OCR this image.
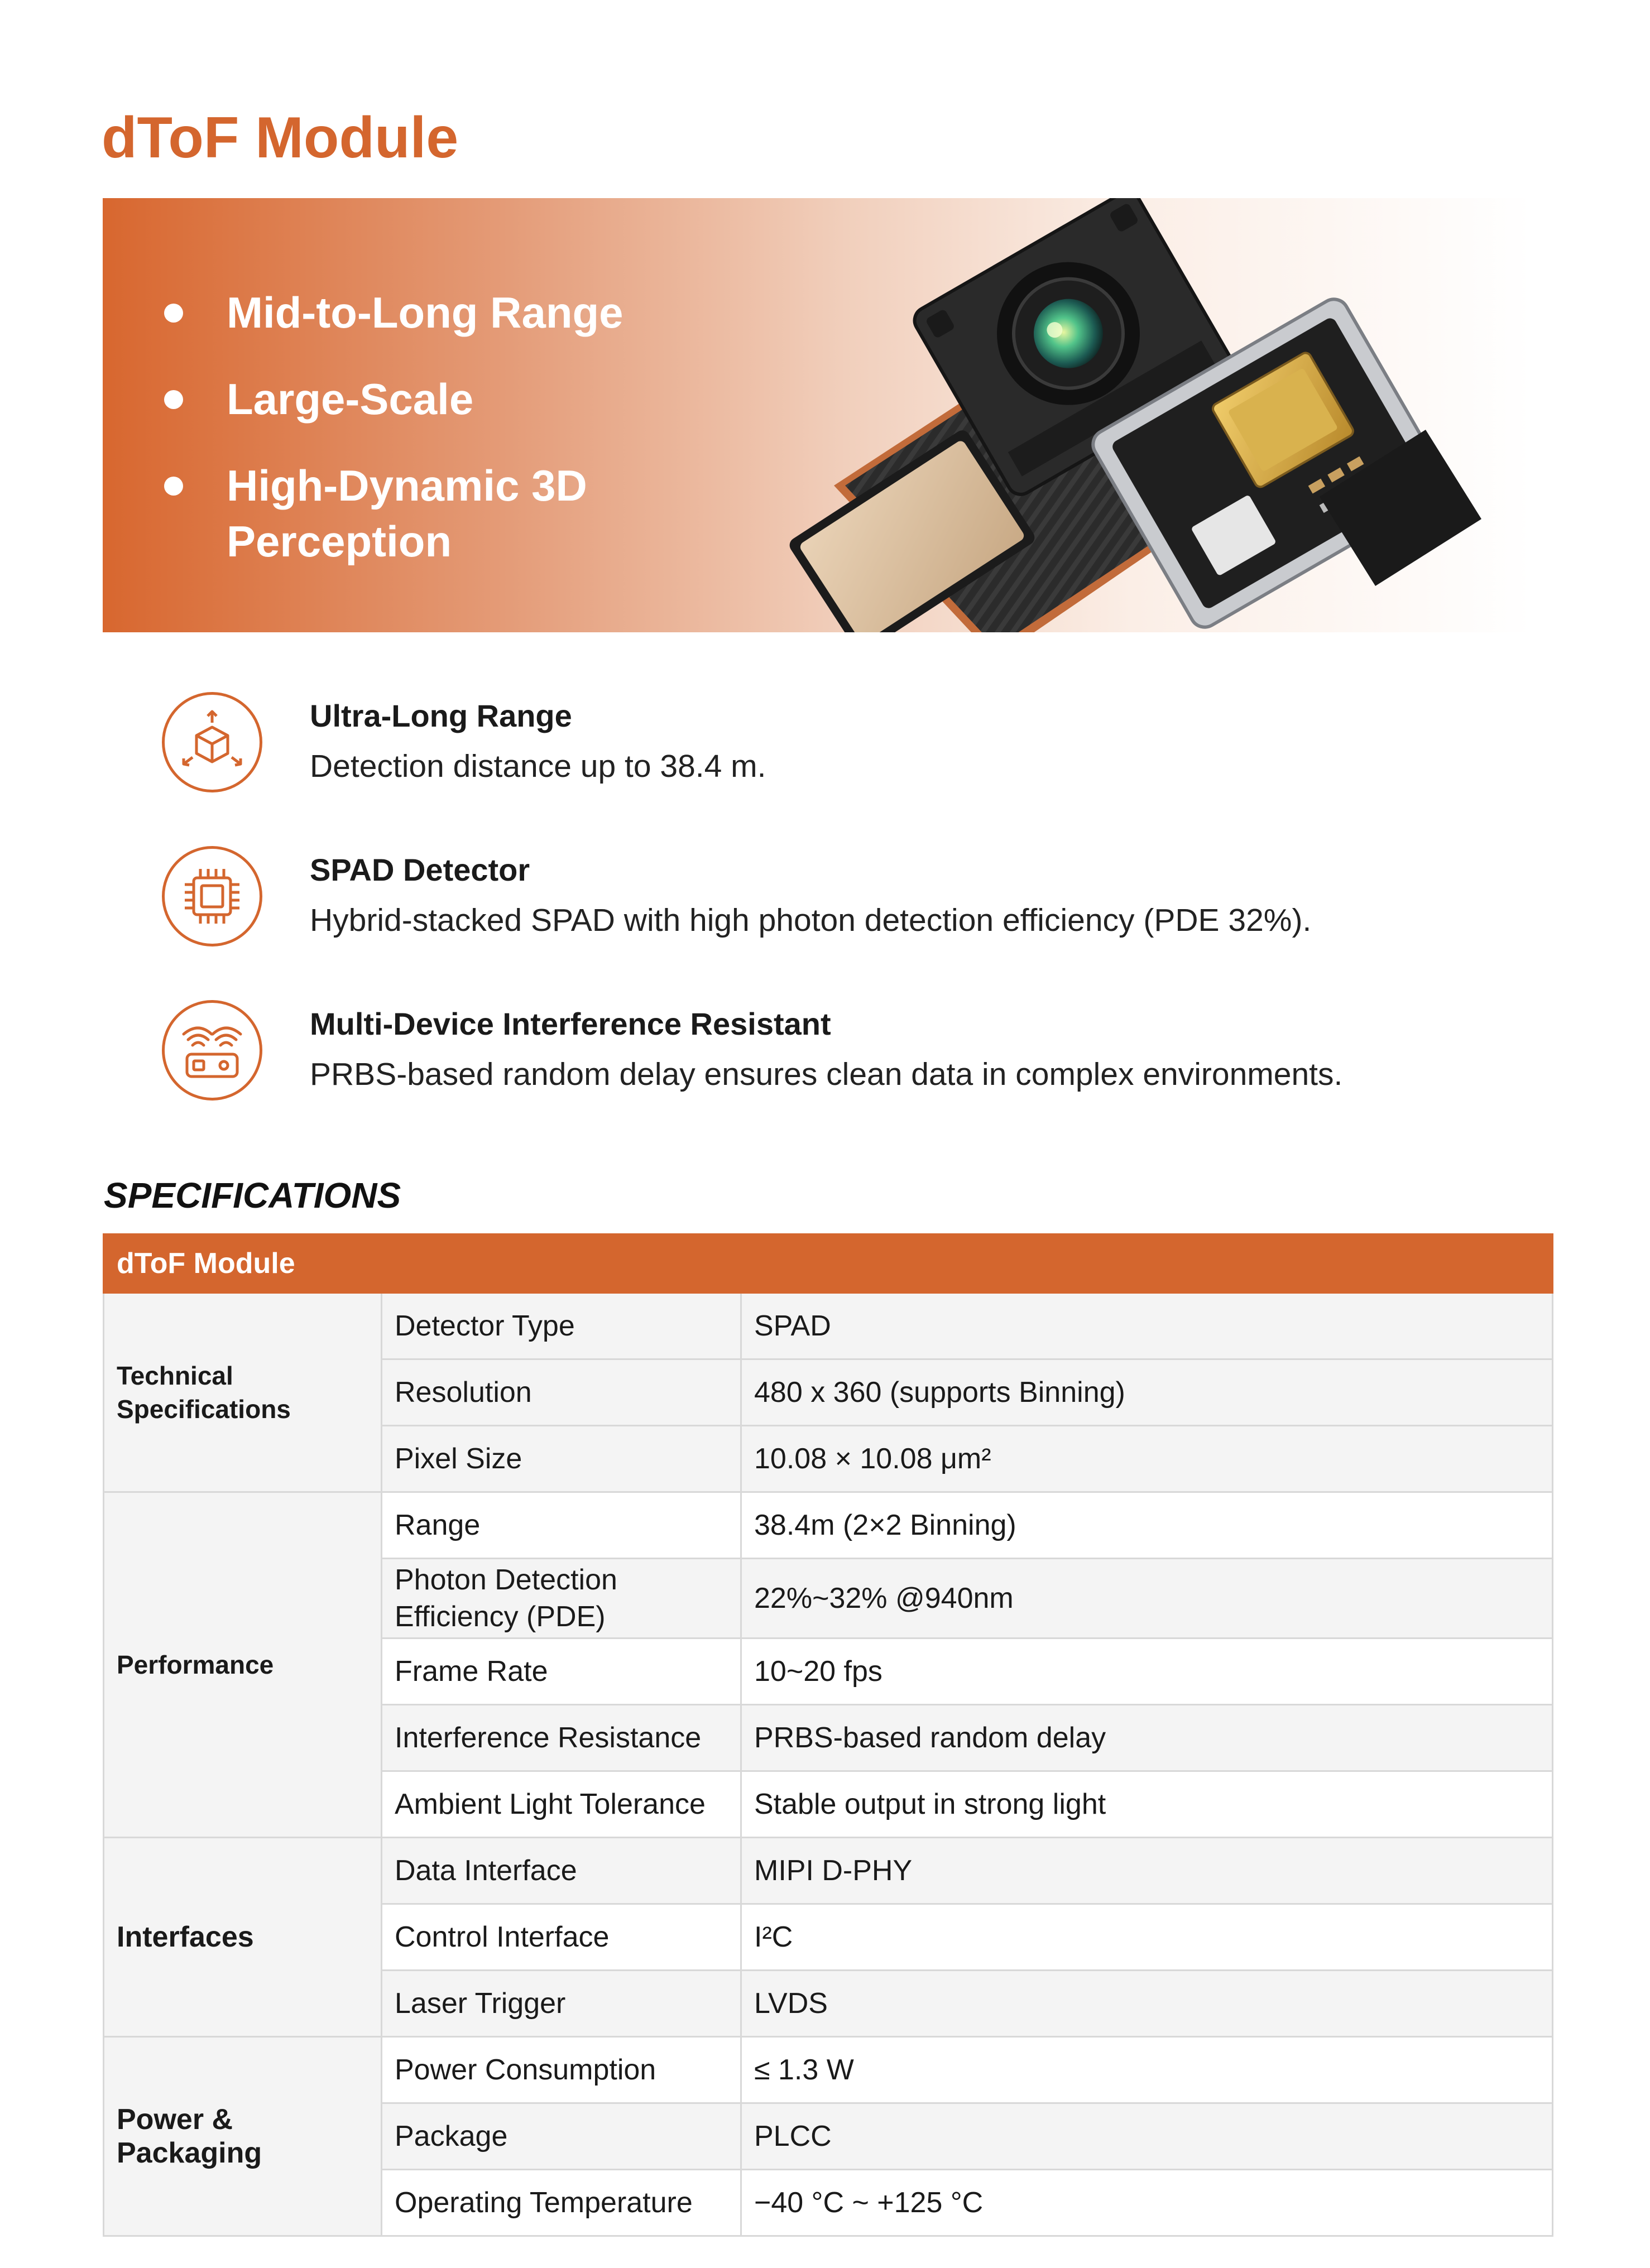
dToF Module
Mid-to-Long Range
Large-Scale
High-Dynamic 3D Perception
Ultra-Long Range
Detection distance up to 38.4 m.
SPAD Detector
Hybrid-stacked SPAD with high photon detection efficiency (PDE 32%).
Multi-Device Interference Resistant
PRBS-based random delay ensures clean data in complex environments.
SPECIFICATIONS
dToF Module		
Technical Specifications	Detector Type	SPAD
	Resolution	480 x 360 (supports Binning)
	Pixel Size	10.08 × 10.08 μm²
Performance	Range	38.4m (2×2 Binning)
	Photon Detection Efficiency (PDE)	22%~32% @940nm
	Frame Rate	10~20 fps
	Interference Resistance	PRBS-based random delay
	Ambient Light Tolerance	Stable output in strong light
Interfaces	Data Interface	MIPI D-PHY
	Control Interface	I²C
	Laser Trigger	LVDS
Power & Packaging	Power Consumption	≤ 1.3 W
	Package	PLCC
	Operating Temperature	−40 °C ~ +125 °C
